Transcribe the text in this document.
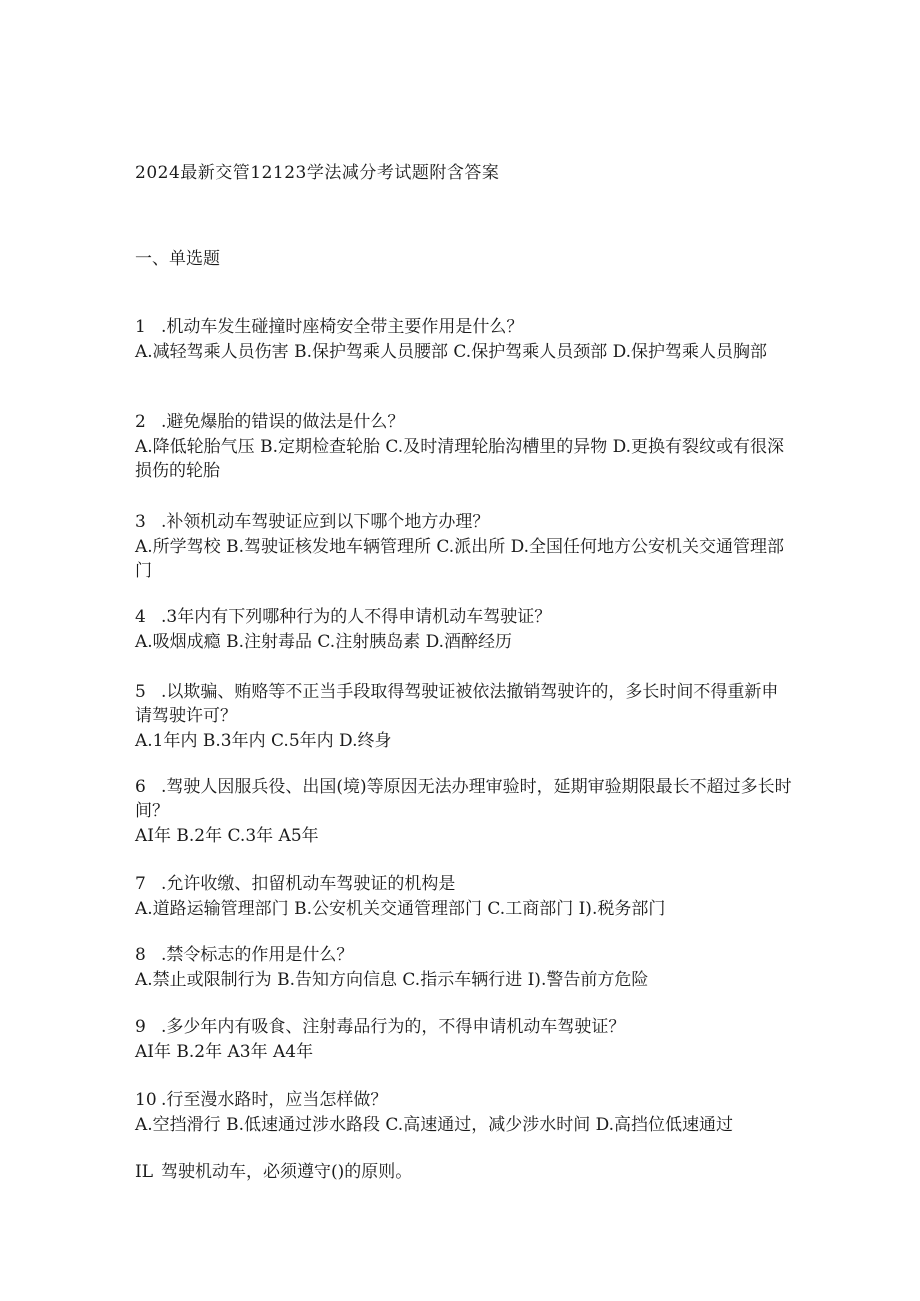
2024最新交管12123学法减分考试题附含答案
一、单选题

1 .机动车发生碰撞时座椅安全带主要作用是什么？

A.减轻驾乘人员伤害 B.保护驾乘人员腰部 C.保护驾乘人员颈部 D.保护驾乘人员胸部

2 .避免爆胎的错误的做法是什么？

A.降低轮胎气压 B.定期检查轮胎 C.及时清理轮胎沟槽里的异物 D.更换有裂纹或有很深损伤的轮胎

3 .补领机动车驾驶证应到以下哪个地方办理？

A.所学驾校 B.驾驶证核发地车辆管理所 C.派出所 D.全国任何地方公安机关交通管理部门

4 .3年内有下列哪种行为的人不得申请机动车驾驶证？

A.吸烟成瘾 B.注射毒品 C.注射胰岛素 D.酒醉经历

5 .以欺骗、贿赂等不正当手段取得驾驶证被依法撤销驾驶许的，多长时间不得重新申请驾驶许可？

A.1年内 B.3年内 C.5年内 D.终身

6 .驾驶人因服兵役、出国(境)等原因无法办理审验时，延期审验期限最长不超过多长时间？

AI年 B.2年 C.3年 A5年

7 .允许收缴、扣留机动车驾驶证的机构是

A.道路运输管理部门 B.公安机关交通管理部门 C.工商部门 I).税务部门

8 .禁令标志的作用是什么？

A.禁止或限制行为 B.告知方向信息 C.指示车辆行进 I).警告前方危险

9 .多少年内有吸食、注射毒品行为的，不得申请机动车驾驶证？

AI年 B.2年 A3年 A4年

10 .行至漫水路时，应当怎样做？

A.空挡滑行 B.低速通过涉水路段 C.高速通过，减少涉水时间 D.高挡位低速通过

IL 驾驶机动车，必须遵守()的原则。
